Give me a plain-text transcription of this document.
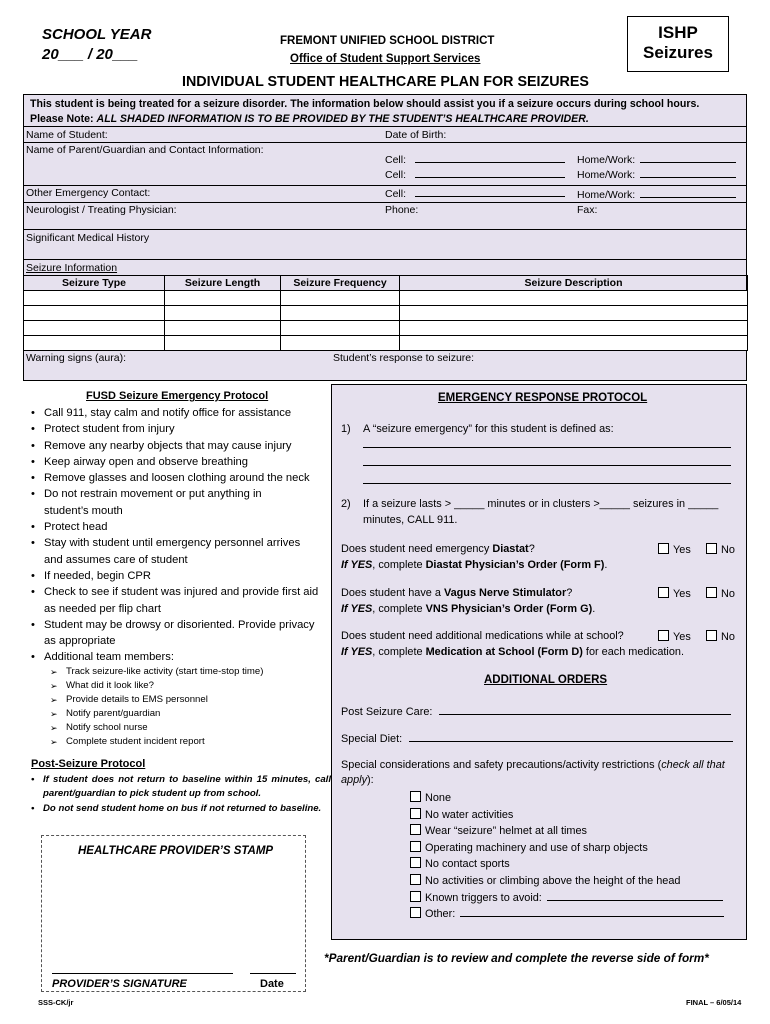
SCHOOL YEAR
20___ / 20___
FREMONT UNIFIED SCHOOL DISTRICT
Office of Student Support Services
ISHP
Seizures
INDIVIDUAL STUDENT HEALTHCARE PLAN FOR SEIZURES
This student is being treated for a seizure disorder. The information below should assist you if a seizure occurs during school hours.
Please Note: ALL SHADED INFORMATION IS TO BE PROVIDED BY THE STUDENT’S HEALTHCARE PROVIDER.
Name of Student:	Date of Birth:
Name of Parent/Guardian and Contact Information:
Cell:	Home/Work:
Cell:	Home/Work:
Other Emergency Contact:	Cell:	Home/Work:
Neurologist / Treating Physician:	Phone:	Fax:
Significant Medical History
Seizure Information
Seizure Type	Seizure Length	Seizure Frequency	Seizure Description

Warning signs (aura):	Student’s response to seizure:
FUSD Seizure Emergency Protocol
• Call 911, stay calm and notify office for assistance
• Protect student from injury
• Remove any nearby objects that may cause injury
• Keep airway open and observe breathing
• Remove glasses and loosen clothing around the neck
• Do not restrain movement or put anything in student’s mouth
• Protect head
• Stay with student until emergency personnel arrives and assumes care of student
• If needed, begin CPR
• Check to see if student was injured and provide first aid as needed per flip chart
• Student may be drowsy or disoriented. Provide privacy as appropriate
• Additional team members:
➢ Track seizure-like activity (start time-stop time)
➢ What did it look like?
➢ Provide details to EMS personnel
➢ Notify parent/guardian
➢ Notify school nurse
➢ Complete student incident report
Post-Seizure Protocol
• If student does not return to baseline within 15 minutes, call parent/guardian to pick student up from school.
• Do not send student home on bus if not returned to baseline.
HEALTHCARE PROVIDER’S STAMP
PROVIDER’S SIGNATURE	Date
EMERGENCY RESPONSE PROTOCOL
1) A “seizure emergency” for this student is defined as:
2) If a seizure lasts > _____ minutes or in clusters >_____ seizures in _____
minutes, CALL 911.
Does student need emergency Diastat?	Yes	No
If YES, complete Diastat Physician’s Order (Form F).
Does student have a Vagus Nerve Stimulator?	Yes	No
If YES, complete VNS Physician’s Order (Form G).
Does student need additional medications while at school?	Yes	No
If YES, complete Medication at School (Form D) for each medication.
ADDITIONAL ORDERS
Post Seizure Care:
Special Diet:
Special considerations and safety precautions/activity restrictions (check all that apply):
None
No water activities
Wear “seizure” helmet at all times
Operating machinery and use of sharp objects
No contact sports
No activities or climbing above the height of the head
Known triggers to avoid:
Other:
*Parent/Guardian is to review and complete the reverse side of form*
SSS-CK/jr	FINAL – 6/05/14
